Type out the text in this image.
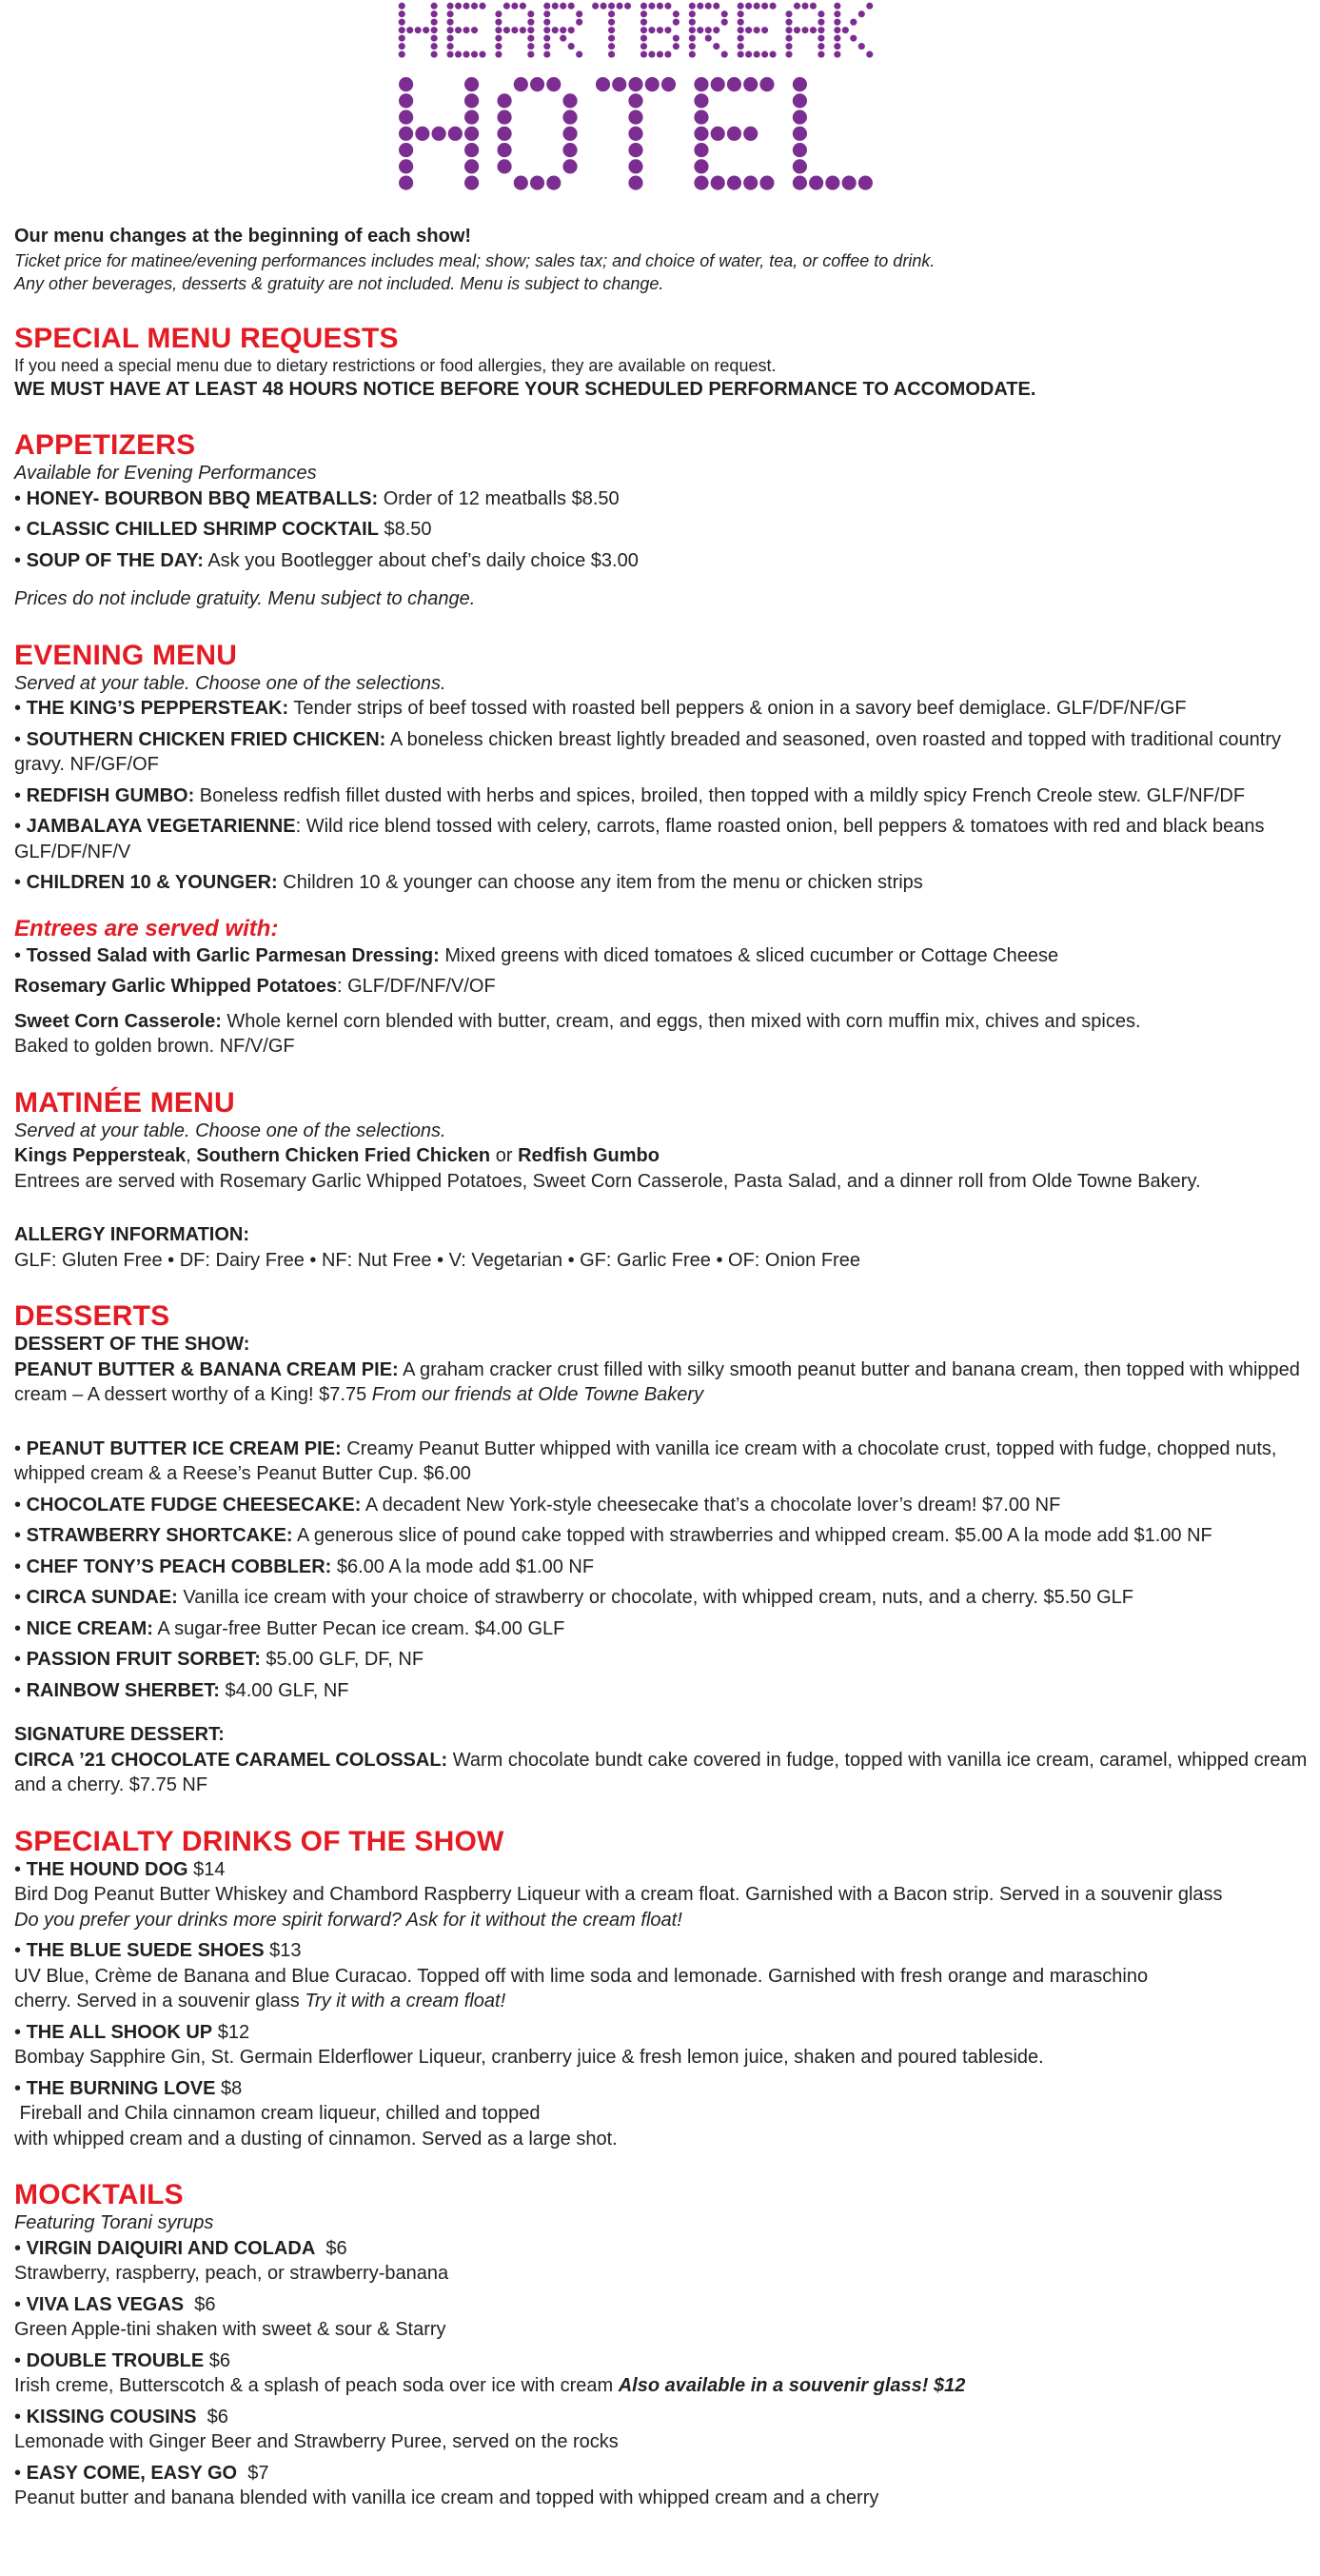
Our menu changes at the beginning of each show!

Ticket price for matinee/evening performances includes meal; show; sales tax; and choice of water, tea, or coffee to drink.

Any other beverages, desserts & gratuity are not included. Menu is subject to change.

SPECIAL MENU REQUESTS

If you need a special menu due to dietary restrictions or food allergies, they are available on request.

WE MUST HAVE AT LEAST 48 HOURS NOTICE BEFORE YOUR SCHEDULED PERFORMANCE TO ACCOMODATE.

APPETIZERS

Available for Evening Performances

• HONEY- BOURBON BBQ MEATBALLS: Order of 12 meatballs $8.50

• CLASSIC CHILLED SHRIMP COCKTAIL $8.50

• SOUP OF THE DAY: Ask you Bootlegger about chef’s daily choice $3.00

Prices do not include gratuity. Menu subject to change.

EVENING MENU

Served at your table. Choose one of the selections.

• THE KING’S PEPPERSTEAK: Tender strips of beef tossed with roasted bell peppers & onion in a savory beef demiglace. GLF/DF/NF/GF

• SOUTHERN CHICKEN FRIED CHICKEN: A boneless chicken breast lightly breaded and seasoned, oven roasted and topped with traditional country gravy. NF/GF/OF

• REDFISH GUMBO: Boneless redfish fillet dusted with herbs and spices, broiled, then topped with a mildly spicy French Creole stew. GLF/NF/DF

• JAMBALAYA VEGETARIENNE: Wild rice blend tossed with celery, carrots, flame roasted onion, bell peppers & tomatoes with red and black beans GLF/DF/NF/V

• CHILDREN 10 & YOUNGER: Children 10 & younger can choose any item from the menu or chicken strips

Entrees are served with:

• Tossed Salad with Garlic Parmesan Dressing: Mixed greens with diced tomatoes & sliced cucumber or Cottage Cheese

Rosemary Garlic Whipped Potatoes: GLF/DF/NF/V/OF

Sweet Corn Casserole: Whole kernel corn blended with butter, cream, and eggs, then mixed with corn muffin mix, chives and spices.

Baked to golden brown. NF/V/GF

MATINÉE MENU

Served at your table. Choose one of the selections.

Kings Peppersteak, Southern Chicken Fried Chicken or Redfish Gumbo

Entrees are served with Rosemary Garlic Whipped Potatoes, Sweet Corn Casserole, Pasta Salad, and a dinner roll from Olde Towne Bakery.

ALLERGY INFORMATION:

GLF: Gluten Free • DF: Dairy Free • NF: Nut Free • V: Vegetarian • GF: Garlic Free • OF: Onion Free

DESSERTS

DESSERT OF THE SHOW:

PEANUT BUTTER & BANANA CREAM PIE: A graham cracker crust filled with silky smooth peanut butter and banana cream, then topped with whipped cream – A dessert worthy of a King! $7.75 From our friends at Olde Towne Bakery

• PEANUT BUTTER ICE CREAM PIE: Creamy Peanut Butter whipped with vanilla ice cream with a chocolate crust, topped with fudge, chopped nuts, whipped cream & a Reese’s Peanut Butter Cup. $6.00

• CHOCOLATE FUDGE CHEESECAKE: A decadent New York-style cheesecake that’s a chocolate lover’s dream! $7.00 NF

• STRAWBERRY SHORTCAKE: A generous slice of pound cake topped with strawberries and whipped cream. $5.00 A la mode add $1.00 NF

• CHEF TONY’S PEACH COBBLER: $6.00 A la mode add $1.00 NF

• CIRCA SUNDAE: Vanilla ice cream with your choice of strawberry or chocolate, with whipped cream, nuts, and a cherry. $5.50 GLF

• NICE CREAM: A sugar-free Butter Pecan ice cream. $4.00 GLF

• PASSION FRUIT SORBET: $5.00 GLF, DF, NF

• RAINBOW SHERBET: $4.00 GLF, NF

SIGNATURE DESSERT:

CIRCA ’21 CHOCOLATE CARAMEL COLOSSAL: Warm chocolate bundt cake covered in fudge, topped with vanilla ice cream, caramel, whipped cream and a cherry. $7.75 NF

SPECIALTY DRINKS OF THE SHOW

• THE HOUND DOG $14

Bird Dog Peanut Butter Whiskey and Chambord Raspberry Liqueur with a cream float. Garnished with a Bacon strip. Served in a souvenir glass

Do you prefer your drinks more spirit forward? Ask for it without the cream float!

• THE BLUE SUEDE SHOES $13

UV Blue, Crème de Banana and Blue Curacao. Topped off with lime soda and lemonade. Garnished with fresh orange and maraschino

cherry. Served in a souvenir glass Try it with a cream float!

• THE ALL SHOOK UP $12

Bombay Sapphire Gin, St. Germain Elderflower Liqueur, cranberry juice & fresh lemon juice, shaken and poured tableside.

• THE BURNING LOVE $8

Fireball and Chila cinnamon cream liqueur, chilled and topped

with whipped cream and a dusting of cinnamon. Served as a large shot.

MOCKTAILS

Featuring Torani syrups

• VIRGIN DAIQUIRI AND COLADA  $6

Strawberry, raspberry, peach, or strawberry-banana

• VIVA LAS VEGAS  $6

Green Apple-tini shaken with sweet & sour & Starry

• DOUBLE TROUBLE $6

Irish creme, Butterscotch & a splash of peach soda over ice with cream Also available in a souvenir glass! $12

• KISSING COUSINS  $6

Lemonade with Ginger Beer and Strawberry Puree, served on the rocks

• EASY COME, EASY GO  $7

Peanut butter and banana blended with vanilla ice cream and topped with whipped cream and a cherry
